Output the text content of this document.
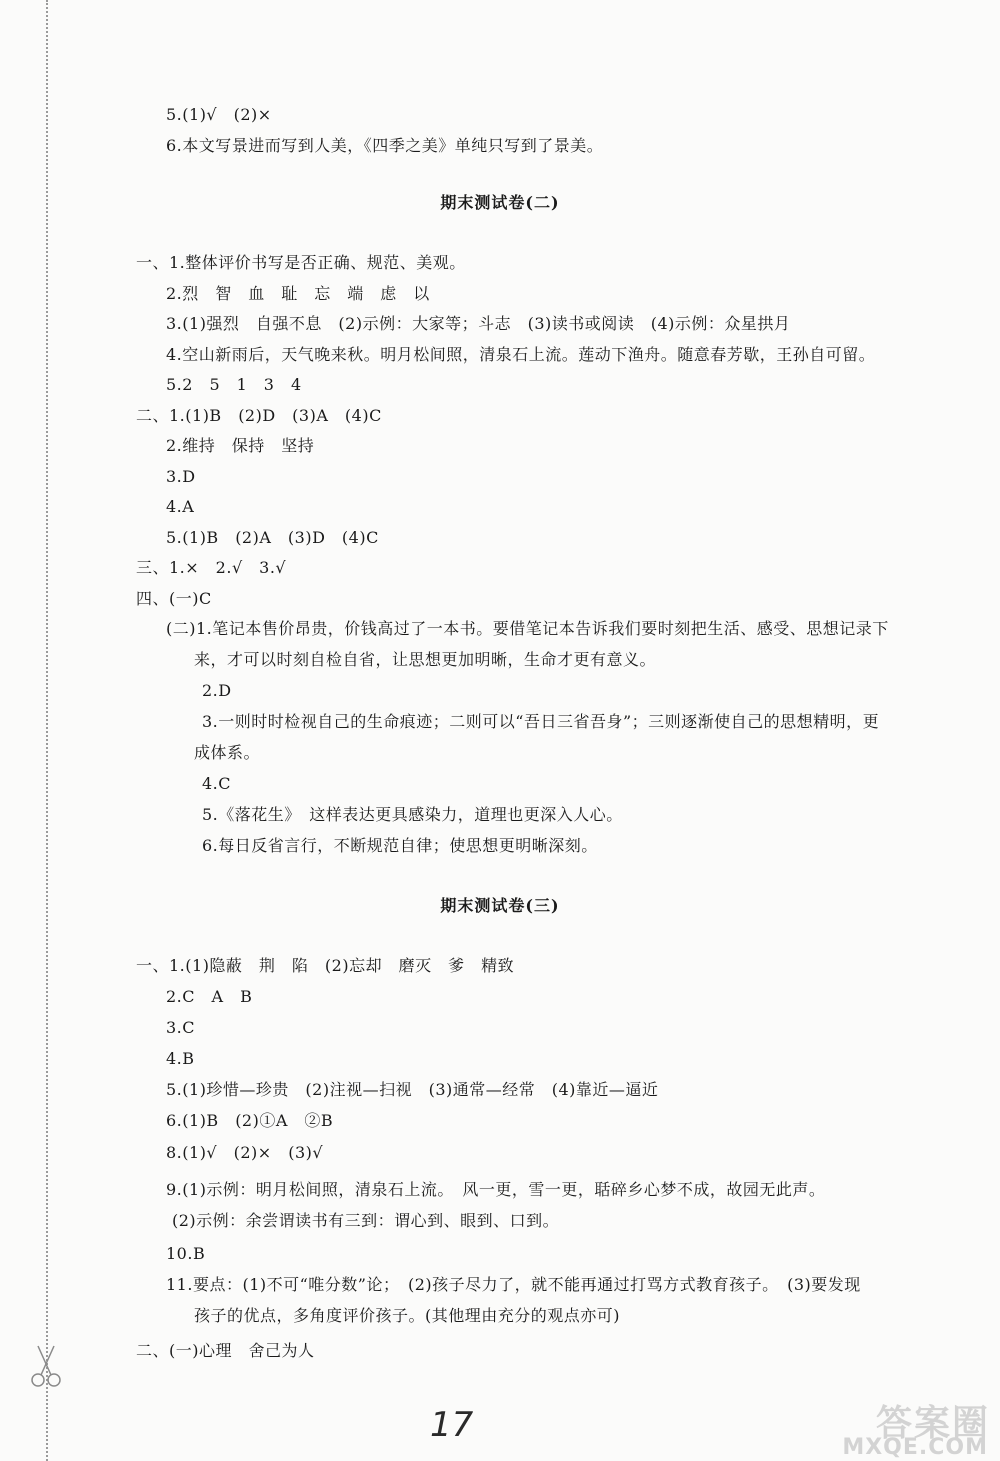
5.(1)√　(2)×
6.本文写景进而写到人美，《四季之美》单纯只写到了景美。
期末测试卷(二)
一、1.整体评价书写是否正确、规范、美观。
2.烈　智　血　耻　忘　端　虑　以
3.(1)强烈　自强不息　(2)示例：大家等；斗志　(3)读书或阅读　(4)示例：众星拱月
4.空山新雨后，天气晚来秋。明月松间照，清泉石上流。莲动下渔舟。随意春芳歇，王孙自可留。
5.2　5　1　3　4
二、1.(1)B　(2)D　(3)A　(4)C
2.维持　保持　坚持
3.D
4.A
5.(1)B　(2)A　(3)D　(4)C
三、1.×　2.√　3.√
四、(一)C
(二)1.笔记本售价昂贵，价钱高过了一本书。要借笔记本告诉我们要时刻把生活、感受、思想记录下
来，才可以时刻自检自省，让思想更加明晰，生命才更有意义。
2.D
3.一则时时检视自己的生命痕迹；二则可以“吾日三省吾身”；三则逐渐使自己的思想精明，更
成体系。
4.C
5.《落花生》　这样表达更具感染力，道理也更深入人心。
6.每日反省言行，不断规范自律；使思想更明晰深刻。
期末测试卷(三)
一、1.(1)隐蔽　荆　陷　(2)忘却　磨灭　爹　精致
2.C　A　B
3.C
4.B
5.(1)珍惜—珍贵　(2)注视—扫视　(3)通常—经常　(4)靠近—逼近
6.(1)B　(2)①A　②B
8.(1)√　(2)×　(3)√
9.(1)示例：明月松间照，清泉石上流。　风一更，雪一更，聒碎乡心梦不成，故园无此声。
(2)示例：余尝谓读书有三到：谓心到、眼到、口到。
10.B
11.要点：(1)不可“唯分数”论；　(2)孩子尽力了，就不能再通过打骂方式教育孩子。　(3)要发现
孩子的优点，多角度评价孩子。(其他理由充分的观点亦可)
二、(一)心理　舍己为人
17	答案圈
MXQE.COM
